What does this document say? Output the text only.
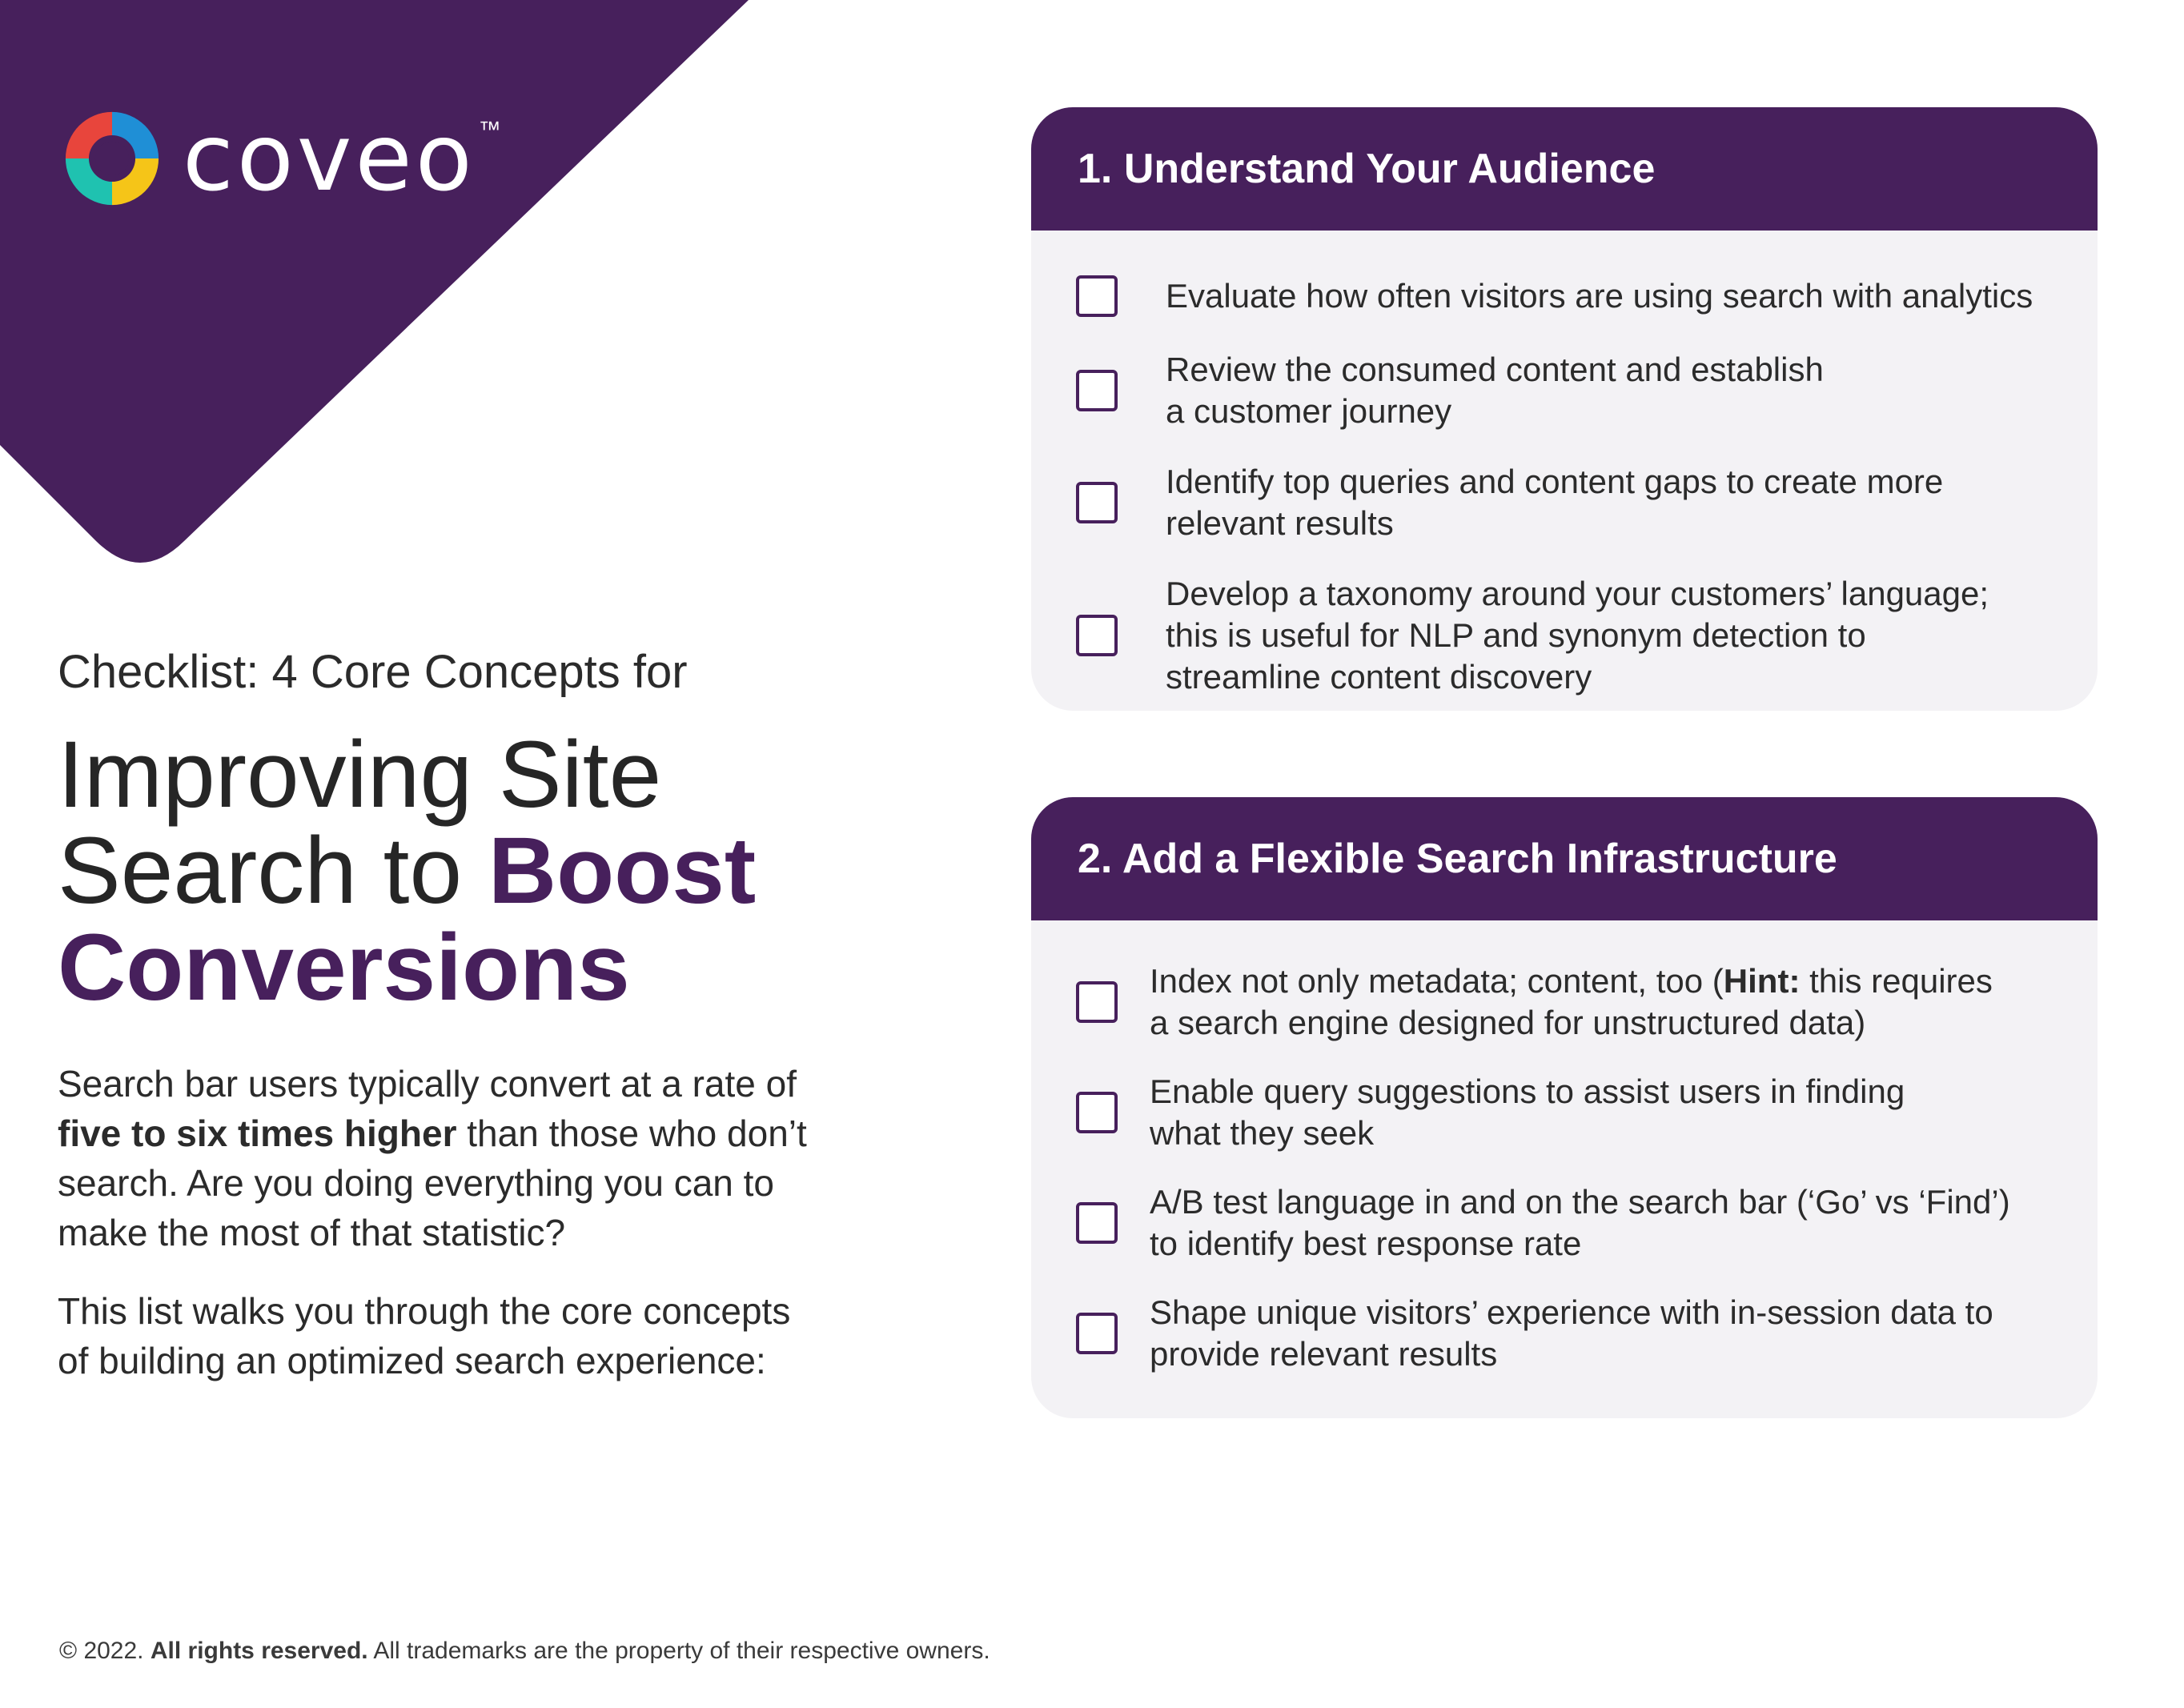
coveo ™

Checklist: 4 Core Concepts for

Improving Site
Search to Boost
Conversions

Search bar users typically convert at a rate of five to six times higher than those who don’t search. Are you doing everything you can to make the most of that statistic?

This list walks you through the core concepts of building an optimized search experience:

1. Understand Your Audience
Evaluate how often visitors are using search with analytics
Review the consumed content and establish a customer journey
Identify top queries and content gaps to create more relevant results
Develop a taxonomy around your customers’ language; this is useful for NLP and synonym detection to streamline content discovery
2. Add a Flexible Search Infrastructure
Index not only metadata; content, too (Hint: this requires a search engine designed for unstructured data)
Enable query suggestions to assist users in finding what they seek
A/B test language in and on the search bar (‘Go’ vs ‘Find’) to identify best response rate
Shape unique visitors’ experience with in-session data to provide relevant results
© 2022. All rights reserved. All trademarks are the property of their respective owners.
